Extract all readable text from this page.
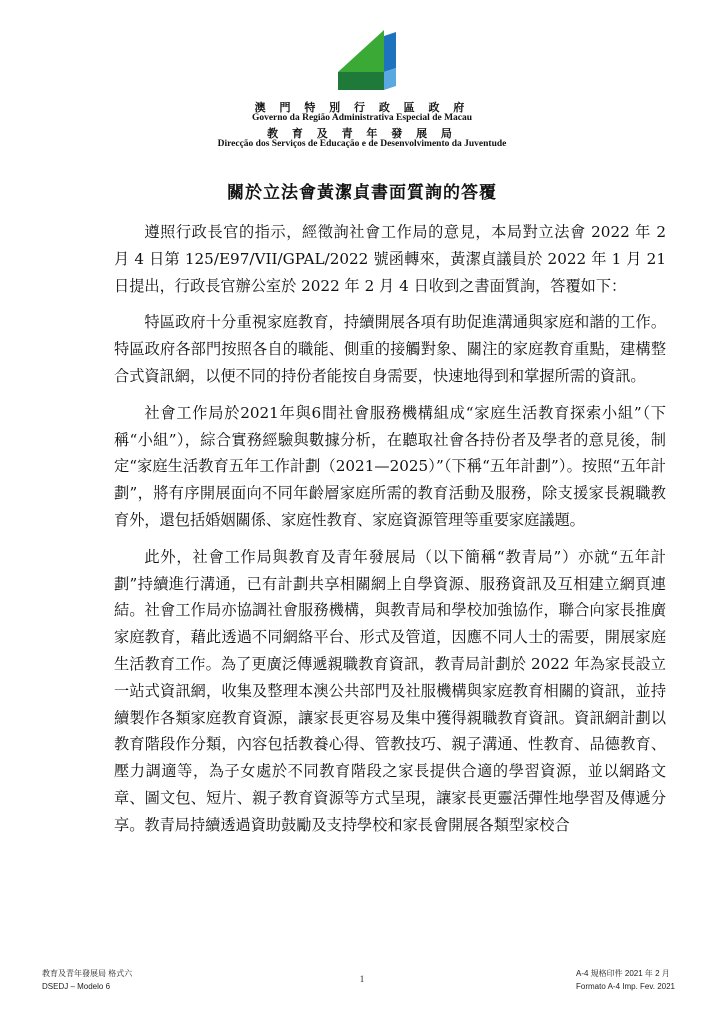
澳 門 特 別 行 政 區 政 府
Governo da Região Administrativa Especial de Macau
教 育 及 青 年 發 展 局
Direcção dos Serviços de Educação e de Desenvolvimento da Juventude
關於立法會黃潔貞書面質詢的答覆

遵照行政長官的指示，經徵詢社會工作局的意見，本局對立法會 2022 年 2 月 4 日第 125/E97/VII/GPAL/2022 號函轉來，黃潔貞議員於 2022 年 1 月 21 日提出，行政長官辦公室於 2022 年 2 月 4 日收到之書面質詢，答覆如下：

特區政府十分重視家庭教育，持續開展各項有助促進溝通與家庭和諧的工作。特區政府各部門按照各自的職能、側重的接觸對象、關注的家庭教育重點，建構整合式資訊網，以便不同的持份者能按自身需要，快速地得到和掌握所需的資訊。

社會工作局於2021年與6間社會服務機構組成“家庭生活教育探索小組”（下稱“小組”），綜合實務經驗與數據分析，在聽取社會各持份者及學者的意見後，制定“家庭生活教育五年工作計劃（2021—2025）”（下稱“五年計劃”）。按照“五年計劃”，將有序開展面向不同年齡層家庭所需的教育活動及服務，除支援家長親職教育外，還包括婚姻關係、家庭性教育、家庭資源管理等重要家庭議題。

此外，社會工作局與教育及青年發展局（以下簡稱“教青局”）亦就“五年計劃”持續進行溝通，已有計劃共享相關網上自學資源、服務資訊及互相建立網頁連結。社會工作局亦協調社會服務機構，與教青局和學校加強協作，聯合向家長推廣家庭教育，藉此透過不同網絡平台、形式及管道，因應不同人士的需要，開展家庭生活教育工作。為了更廣泛傳遞親職教育資訊，教青局計劃於 2022 年為家長設立一站式資訊網，收集及整理本澳公共部門及社服機構與家庭教育相關的資訊，並持續製作各類家庭教育資源，讓家長更容易及集中獲得親職教育資訊。資訊網計劃以教育階段作分類，內容包括教養心得、管教技巧、親子溝通、性教育、品德教育、壓力調適等，為子女處於不同教育階段之家長提供合適的學習資源，並以網路文章、圖文包、短片、親子教育資源等方式呈現，讓家長更靈活彈性地學習及傳遞分享。教青局持續透過資助鼓勵及支持學校和家長會開展各類型家校合

教育及青年發展局 格式六
DSEDJ – Modelo 6
1
A-4 規格印件 2021 年 2 月
Formato A-4 Imp. Fev. 2021
